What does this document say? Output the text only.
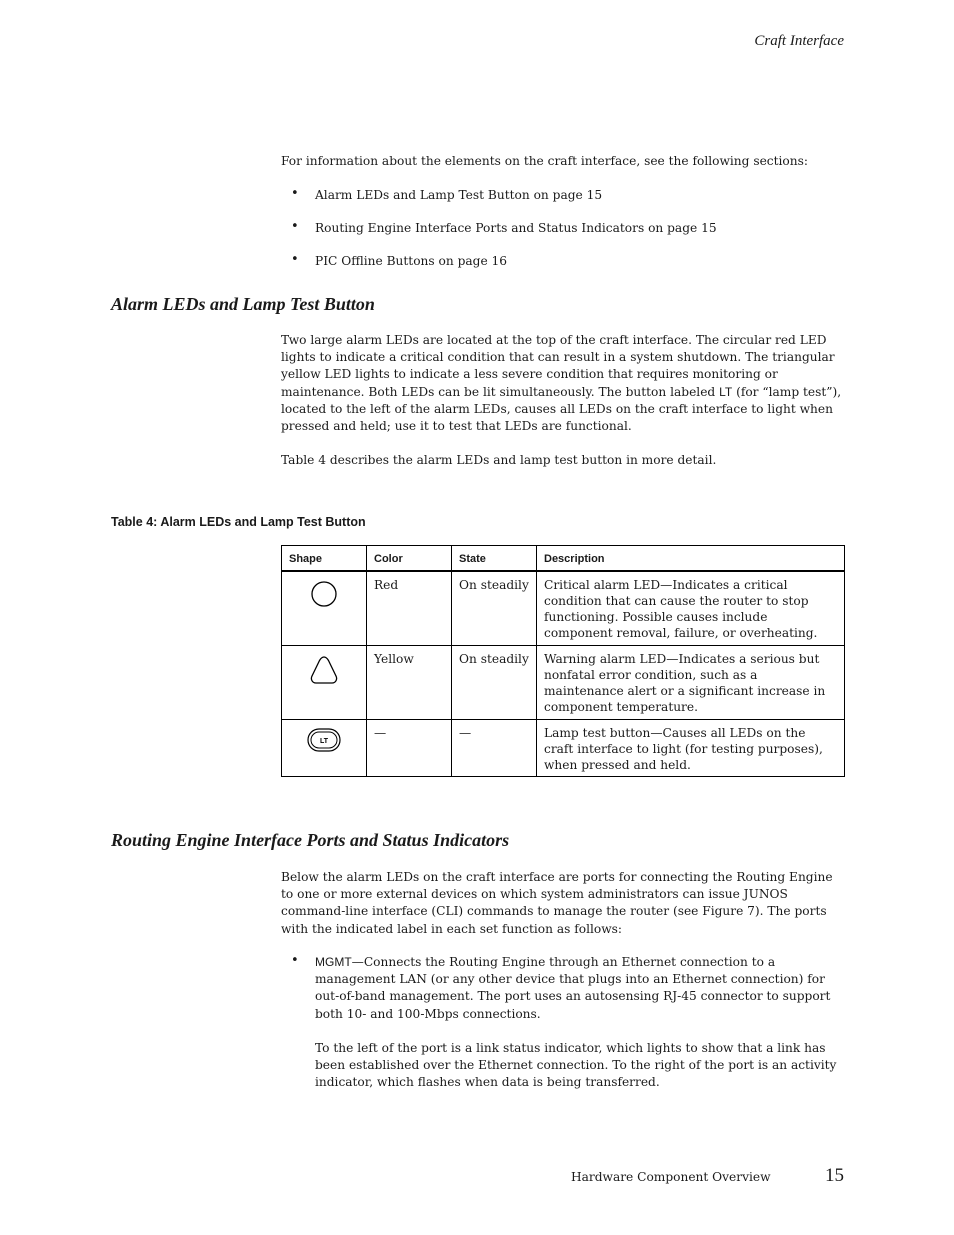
Craft Interface

For information about the elements on the craft interface, see the following sections:

• Alarm LEDs and Lamp Test Button on page 15
• Routing Engine Interface Ports and Status Indicators on page 15
• PIC Offline Buttons on page 16
Alarm LEDs and Lamp Test Button

Two large alarm LEDs are located at the top of the craft interface. The circular red LED lights to indicate a critical condition that can result in a system shutdown. The triangular yellow LED lights to indicate a less severe condition that requires monitoring or maintenance. Both LEDs can be lit simultaneously. The button labeled LT (for “lamp test”), located to the left of the alarm LEDs, causes all LEDs on the craft interface to light when pressed and held; use it to test that LEDs are functional.

Table 4 describes the alarm LEDs and lamp test button in more detail.

Table 4: Alarm LEDs and Lamp Test Button
Shape	Color	State	Description

	Red	On steadily	Critical alarm LED—Indicates a critical condition that can cause the router to stop functioning. Possible causes include component removal, failure, or overheating.

	Yellow	On steadily	Warning alarm LED—Indicates a serious but nonfatal error condition, such as a maintenance alert or a significant increase in component temperature.

LT	—	—	Lamp test button—Causes all LEDs on the craft interface to light (for testing purposes), when pressed and held.
Routing Engine Interface Ports and Status Indicators

Below the alarm LEDs on the craft interface are ports for connecting the Routing Engine to one or more external devices on which system administrators can issue JUNOS command-line interface (CLI) commands to manage the router (see Figure 7). The ports with the indicated label in each set function as follows:

• MGMT—Connects the Routing Engine through an Ethernet connection to a management LAN (or any other device that plugs into an Ethernet connection) for out-of-band management. The port uses an autosensing RJ-45 connector to support both 10- and 100-Mbps connections.

To the left of the port is a link status indicator, which lights to show that a link has been established over the Ethernet connection. To the right of the port is an activity indicator, which flashes when data is being transferred.

Hardware Component Overview	15
